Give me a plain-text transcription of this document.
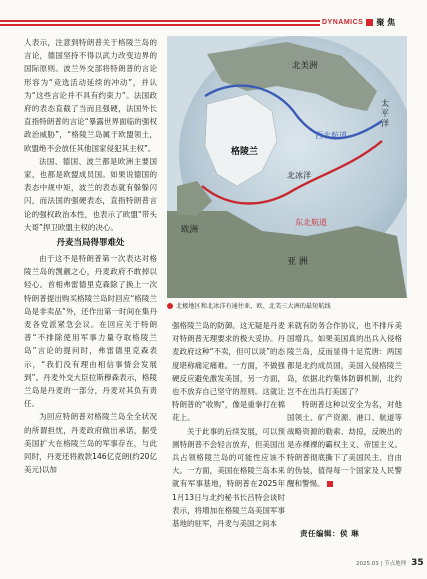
DYNAMICS 聚 焦

人表示，注意到特朗普关于格陵兰岛的言论，德国坚持不得以武力改变边界的国际原则。波兰外交部将特朗普的言论形容为“竞选活动延续的冲动”，并认为“这些言论并不具有约束力”。法国政府的表态直截了当而且强硬，法国外长直指特朗普的言论“暴露世界面临的强权政治威胁”，“格陵兰岛属于欧盟领土，欧盟绝不会放任其他国家侵犯其主权”。

法国、德国、波兰都是欧洲主要国家，也都是欧盟成员国。如果说德国的表态中规中矩，波兰的表态就有躲躲闪闪，而法国的强硬表态，直指特朗普言论的强权政治本性，也表示了欧盟“带头大哥”捍卫欧盟主权的决心。

丹麦当局得罪难处

由于这不是特朗普第一次表达对格陵兰岛的觊觎之心，丹麦政府不敢掉以轻心。首相弗雷德里克森除了换上一次特朗普提出购买格陵兰岛时回应“格陵兰岛是非卖品”外，还作出第一时间在集丹麦各党派紧急会议。在回应关于特朗普“不排除使用军事力量夺取格陵兰岛”言论的提问时，弗雷德里克森表示，“我们没有理由相信事情会发展到”。丹麦外交大臣拉斯穆森表示，格陵兰岛是丹麦的一部分，丹麦对其负有责任。

为回应特朗普对格陵兰岛全全状况的所谓担忧，丹麦政府做出承诺，据受美国扩大在格陵兰岛的军事存在，与此同时，丹麦还将救款146亿克朗(约20亿美元)以加

北美洲
西北航道
太平洋
格陵兰
北冰洋
欧洲
东北航道
亚 洲
北极地区和北冰洋有通往亚、欧、北美三大洲的最短航线

强格陵兰岛的防御。这无疑是丹麦对特朗普无理要求的极大妥协。丹麦政府这种“不卖，但可以谈”的态度堪称痛定痛难。一方面，不做强硬反应避免激发美国，另一方面，也不放弃自己坚守的原则。这就让特朗普的“收购”，像是重拳打在棉花上。

关于此事的后续发展，可以预测特朗普不会轻言放弃，但美国出兵占领格陵兰岛的可能性应该不大。一方面，美国在格陵兰岛本来就有军事基地，特朗普在2025年1月13日与北约秘书长吕特会谈时表示，将增加在格陵兰岛美国军事基地的驻军，丹麦与美国之间本

来就有防务合作协议，也不排斥美国增兵。如果美国真的出兵入侵格陵兰岛，反而显得十足荒唐：两国都是北约成员国，美国入侵格陵兰岛，依据北约集体防御机制，北约岂不在出兵打美国了？

特朗普这种以安全为名，对他国领土、矿产资源、港口、航道等战略资源的勒索、劫掠，反映出的是赤裸裸的霸权主义、帝国主义。特朗普彻底撕下了美国民主、自由的伪装，值得每一个国家及人民警醒和警惕。

责任编辑：侯 琳
2025.03 | 节点地理 35
